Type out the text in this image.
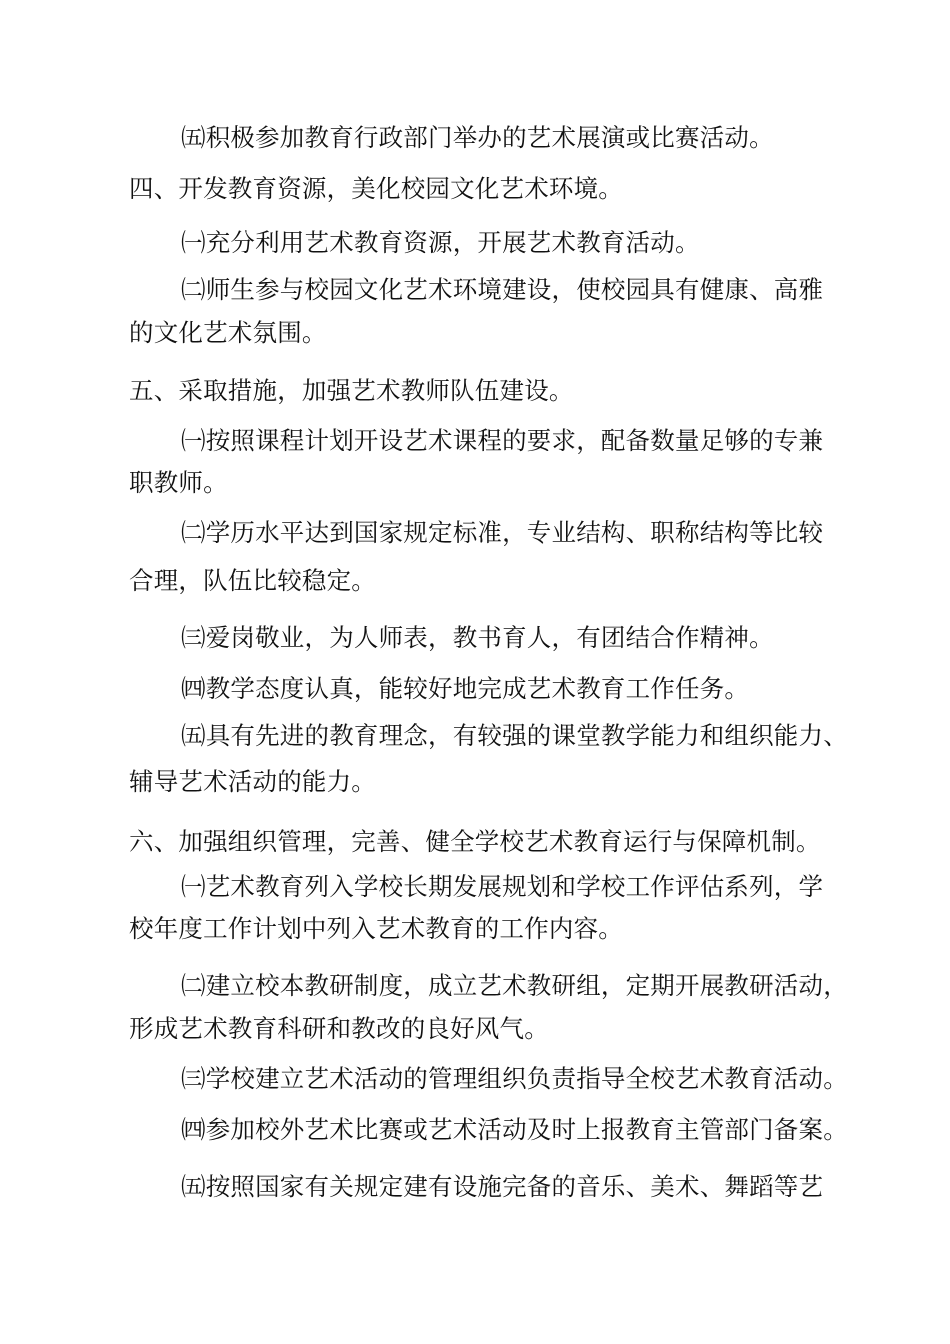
㈤积极参加教育行政部门举办的艺术展演或比赛活动。
四、开发教育资源，美化校园文化艺术环境。
㈠充分利用艺术教育资源，开展艺术教育活动。
㈡师生参与校园文化艺术环境建设，使校园具有健康、高雅
的文化艺术氛围。
五、采取措施，加强艺术教师队伍建设。
㈠按照课程计划开设艺术课程的要求，配备数量足够的专兼
职教师。
㈡学历水平达到国家规定标准，专业结构、职称结构等比较
合理，队伍比较稳定。
㈢爱岗敬业，为人师表，教书育人，有团结合作精神。
㈣教学态度认真，能较好地完成艺术教育工作任务。
㈤具有先进的教育理念，有较强的课堂教学能力和组织能力、
辅导艺术活动的能力。
六、加强组织管理，完善、健全学校艺术教育运行与保障机制。
㈠艺术教育列入学校长期发展规划和学校工作评估系列，学
校年度工作计划中列入艺术教育的工作内容。
㈡建立校本教研制度，成立艺术教研组，定期开展教研活动，
形成艺术教育科研和教改的良好风气。
㈢学校建立艺术活动的管理组织负责指导全校艺术教育活动。
㈣参加校外艺术比赛或艺术活动及时上报教育主管部门备案。
㈤按照国家有关规定建有设施完备的音乐、美术、舞蹈等艺
